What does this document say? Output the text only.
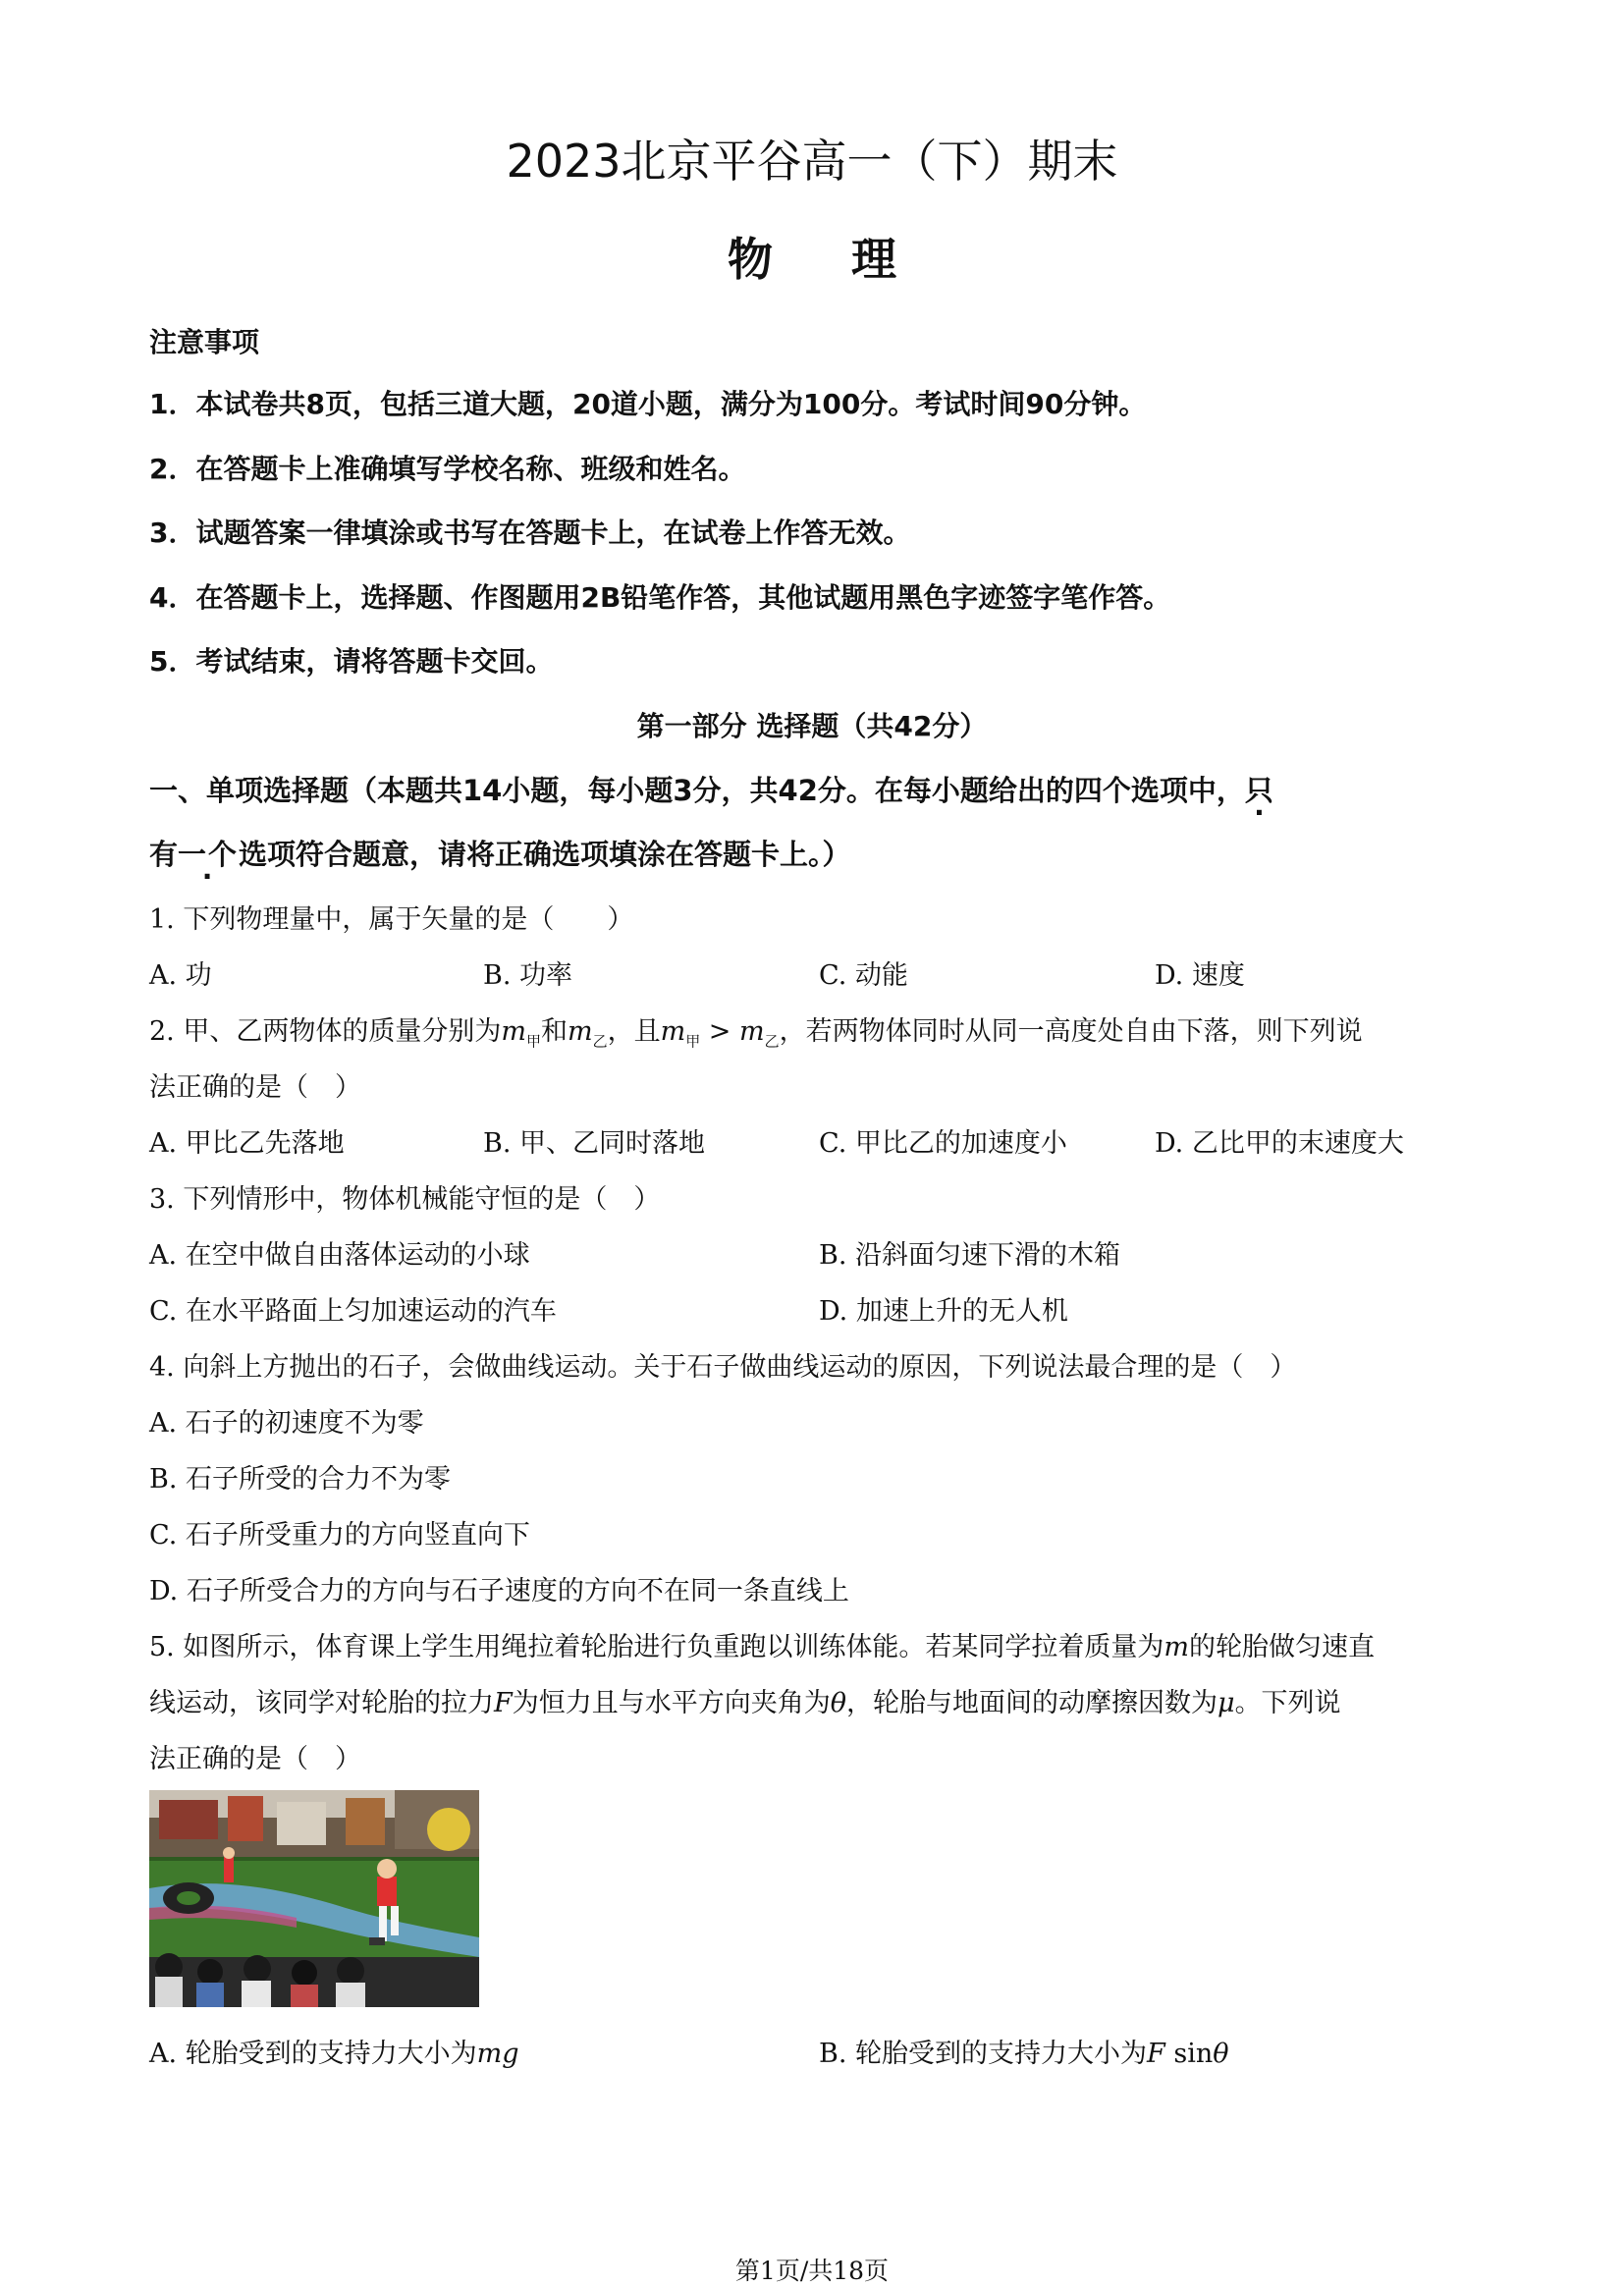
2023北京平谷高一（下）期末
物理
注意事项
1．本试卷共8页，包括三道大题，20道小题，满分为100分。考试时间90分钟。
2．在答题卡上准确填写学校名称、班级和姓名。
3．试题答案一律填涂或书写在答题卡上，在试卷上作答无效。
4．在答题卡上，选择题、作图题用2B铅笔作答，其他试题用黑色字迹签字笔作答。
5．考试结束，请将答题卡交回。
第一部分 选择题（共42分）
一、单项选择题（本题共14小题，每小题3分，共42分。在每小题给出的四个选项中，只
有一个选项符合题意，请将正确选项填涂在答题卡上。）
1. 下列物理量中，属于矢量的是（　　）
A. 功	B. 功率	C. 动能	D. 速度
2. 甲、乙两物体的质量分别为$m_甲$和$m_乙$，且$m_甲 > m_乙$，若两物体同时从同一高度处自由下落，则下列说
法正确的是（　）
A. 甲比乙先落地	B. 甲、乙同时落地	C. 甲比乙的加速度小	D. 乙比甲的末速度大
3. 下列情形中，物体机械能守恒的是（　）
A. 在空中做自由落体运动的小球	B. 沿斜面匀速下滑的木箱
C. 在水平路面上匀加速运动的汽车	D. 加速上升的无人机
4. 向斜上方抛出的石子，会做曲线运动。关于石子做曲线运动的原因，下列说法最合理的是（　）
A. 石子的初速度不为零
B. 石子所受的合力不为零
C. 石子所受重力的方向竖直向下
D. 石子所受合力的方向与石子速度的方向不在同一条直线上
5. 如图所示，体育课上学生用绳拉着轮胎进行负重跑以训练体能。若某同学拉着质量为m的轮胎做匀速直
线运动，该同学对轮胎的拉力F为恒力且与水平方向夹角为θ，轮胎与地面间的动摩擦因数为μ。下列说
法正确的是（　）
A. 轮胎受到的支持力大小为mg	B. 轮胎受到的支持力大小为F sinθ
第1页/共18页
